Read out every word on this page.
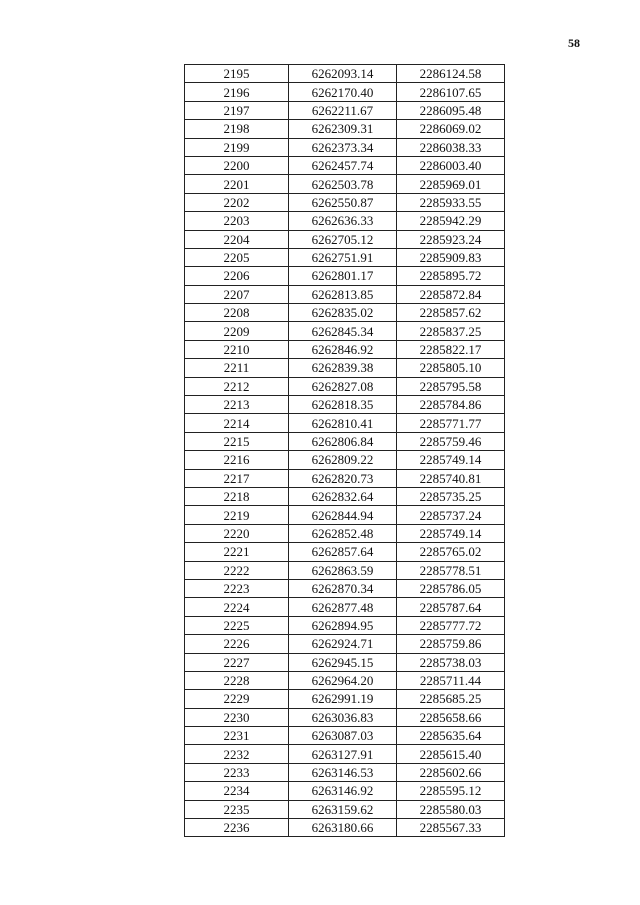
58
2195	6262093.14	2286124.58
2196	6262170.40	2286107.65
2197	6262211.67	2286095.48
2198	6262309.31	2286069.02
2199	6262373.34	2286038.33
2200	6262457.74	2286003.40
2201	6262503.78	2285969.01
2202	6262550.87	2285933.55
2203	6262636.33	2285942.29
2204	6262705.12	2285923.24
2205	6262751.91	2285909.83
2206	6262801.17	2285895.72
2207	6262813.85	2285872.84
2208	6262835.02	2285857.62
2209	6262845.34	2285837.25
2210	6262846.92	2285822.17
2211	6262839.38	2285805.10
2212	6262827.08	2285795.58
2213	6262818.35	2285784.86
2214	6262810.41	2285771.77
2215	6262806.84	2285759.46
2216	6262809.22	2285749.14
2217	6262820.73	2285740.81
2218	6262832.64	2285735.25
2219	6262844.94	2285737.24
2220	6262852.48	2285749.14
2221	6262857.64	2285765.02
2222	6262863.59	2285778.51
2223	6262870.34	2285786.05
2224	6262877.48	2285787.64
2225	6262894.95	2285777.72
2226	6262924.71	2285759.86
2227	6262945.15	2285738.03
2228	6262964.20	2285711.44
2229	6262991.19	2285685.25
2230	6263036.83	2285658.66
2231	6263087.03	2285635.64
2232	6263127.91	2285615.40
2233	6263146.53	2285602.66
2234	6263146.92	2285595.12
2235	6263159.62	2285580.03
2236	6263180.66	2285567.33
